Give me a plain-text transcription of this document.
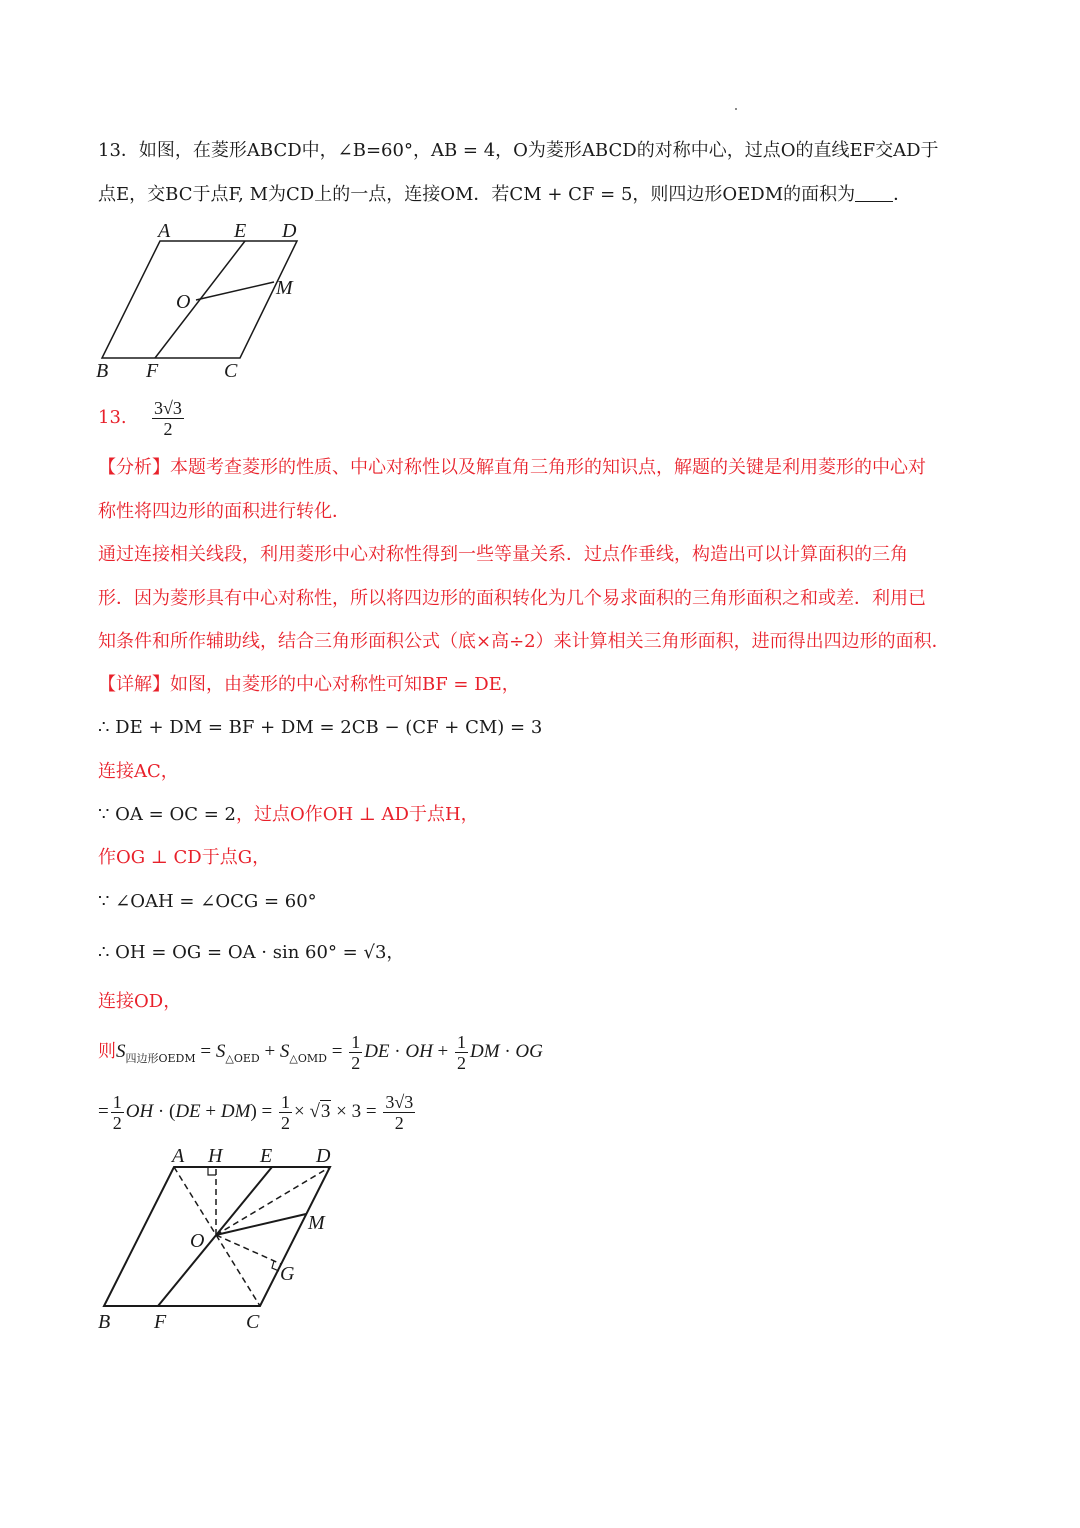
13．如图，在菱形ABCD中，∠B=60°，AB = 4，O为菱形ABCD的对称中心，过点O的直线EF交AD于
点E，交BC于点F, M为CD上的一点，连接OM．若CM + CF = 5，则四边形OEDM的面积为 ．
A	E D
O
M
B F	C
13. $\frac{3√3}{2}$
【分析】本题考查菱形的性质、中心对称性以及解直角三角形的知识点，解题的关键是利用菱形的中心对
称性将四边形的面积进行转化．
通过连接相关线段，利用菱形中心对称性得到一些等量关系．过点作垂线，构造出可以计算面积的三角
形．因为菱形具有中心对称性，所以将四边形的面积转化为几个易求面积的三角形面积之和或差．利用已
知条件和所作辅助线，结合三角形面积公式（底×高÷2）来计算相关三角形面积，进而得出四边形的面积．
【详解】如图，由菱形的中心对称性可知BF = DE，
∴ DE + DM = BF + DM = 2CB − (CF + CM) = 3
连接AC，
∵ OA = OC = 2，过点O作OH ⊥ AD于点H，
作OG ⊥ CD于点G，
∵ ∠OAH = ∠OCG = 60°
∴ OH = OG = OA · sin 60° = √3，
连接OD，
则$S_{四边形OEDM} = S_{\triangle OED} + S_{\triangle OMD} = \frac{1}{2}$ DE · OH + $\frac{1}{2}$ DM · OG
= $\frac{1}{2}$ OH · $(DE + DM) = \frac{1}{2} \times √3 \times 3 = \frac{3√3}{2}$
A H E D
M
O
G
B F	C
